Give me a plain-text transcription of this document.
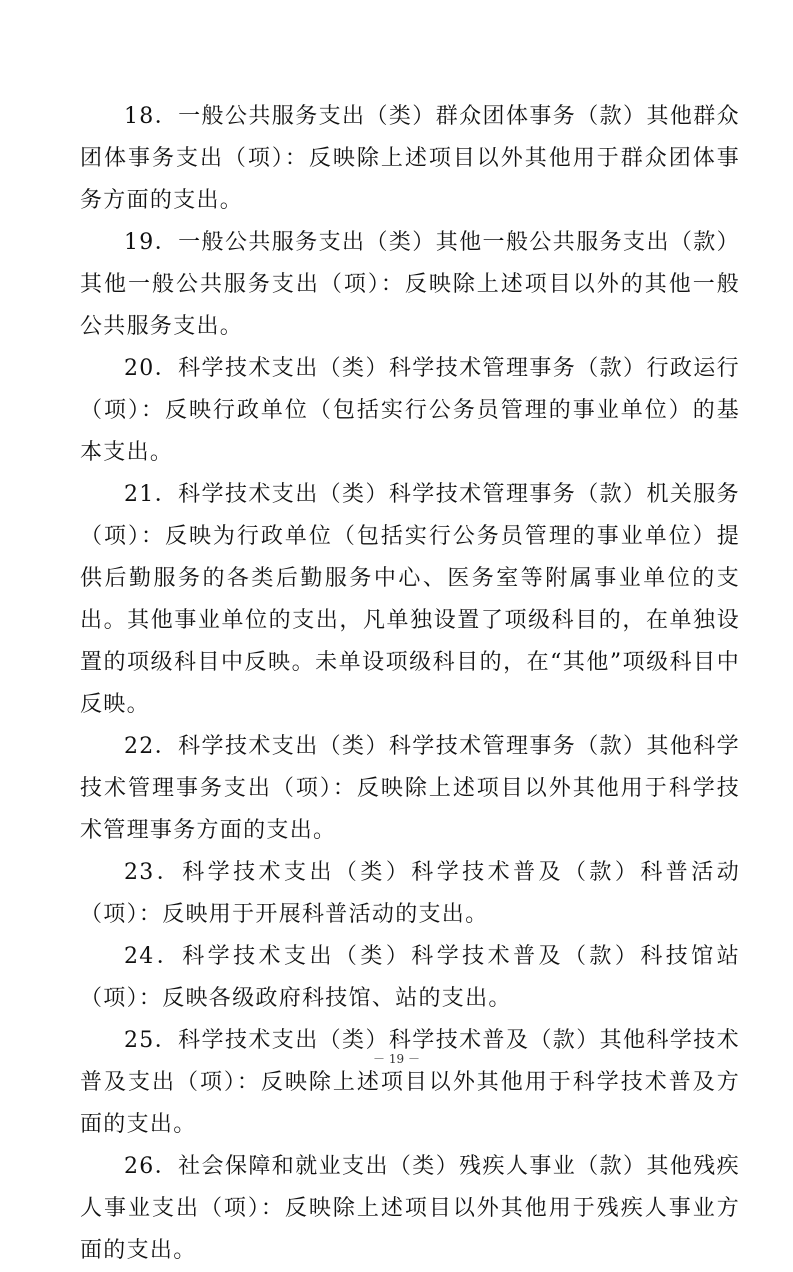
18．一般公共服务支出（类）群众团体事务（款）其他群众团体事务支出（项）：反映除上述项目以外其他用于群众团体事务方面的支出。

19．一般公共服务支出（类）其他一般公共服务支出（款）其他一般公共服务支出（项）：反映除上述项目以外的其他一般公共服务支出。

20．科学技术支出（类）科学技术管理事务（款）行政运行（项）：反映行政单位（包括实行公务员管理的事业单位）的基本支出。

21．科学技术支出（类）科学技术管理事务（款）机关服务（项）：反映为行政单位（包括实行公务员管理的事业单位）提供后勤服务的各类后勤服务中心、医务室等附属事业单位的支出。其他事业单位的支出，凡单独设置了项级科目的，在单独设置的项级科目中反映。未单设项级科目的，在“其他”项级科目中反映。

22．科学技术支出（类）科学技术管理事务（款）其他科学技术管理事务支出（项）：反映除上述项目以外其他用于科学技术管理事务方面的支出。

23．科学技术支出（类）科学技术普及（款）科普活动（项）：反映用于开展科普活动的支出。

24．科学技术支出（类）科学技术普及（款）科技馆站（项）：反映各级政府科技馆、站的支出。

25．科学技术支出（类）科学技术普及（款）其他科学技术普及支出（项）：反映除上述项目以外其他用于科学技术普及方面的支出。

26．社会保障和就业支出（类）残疾人事业（款）其他残疾人事业支出（项）：反映除上述项目以外其他用于残疾人事业方面的支出。

－ 19 －
